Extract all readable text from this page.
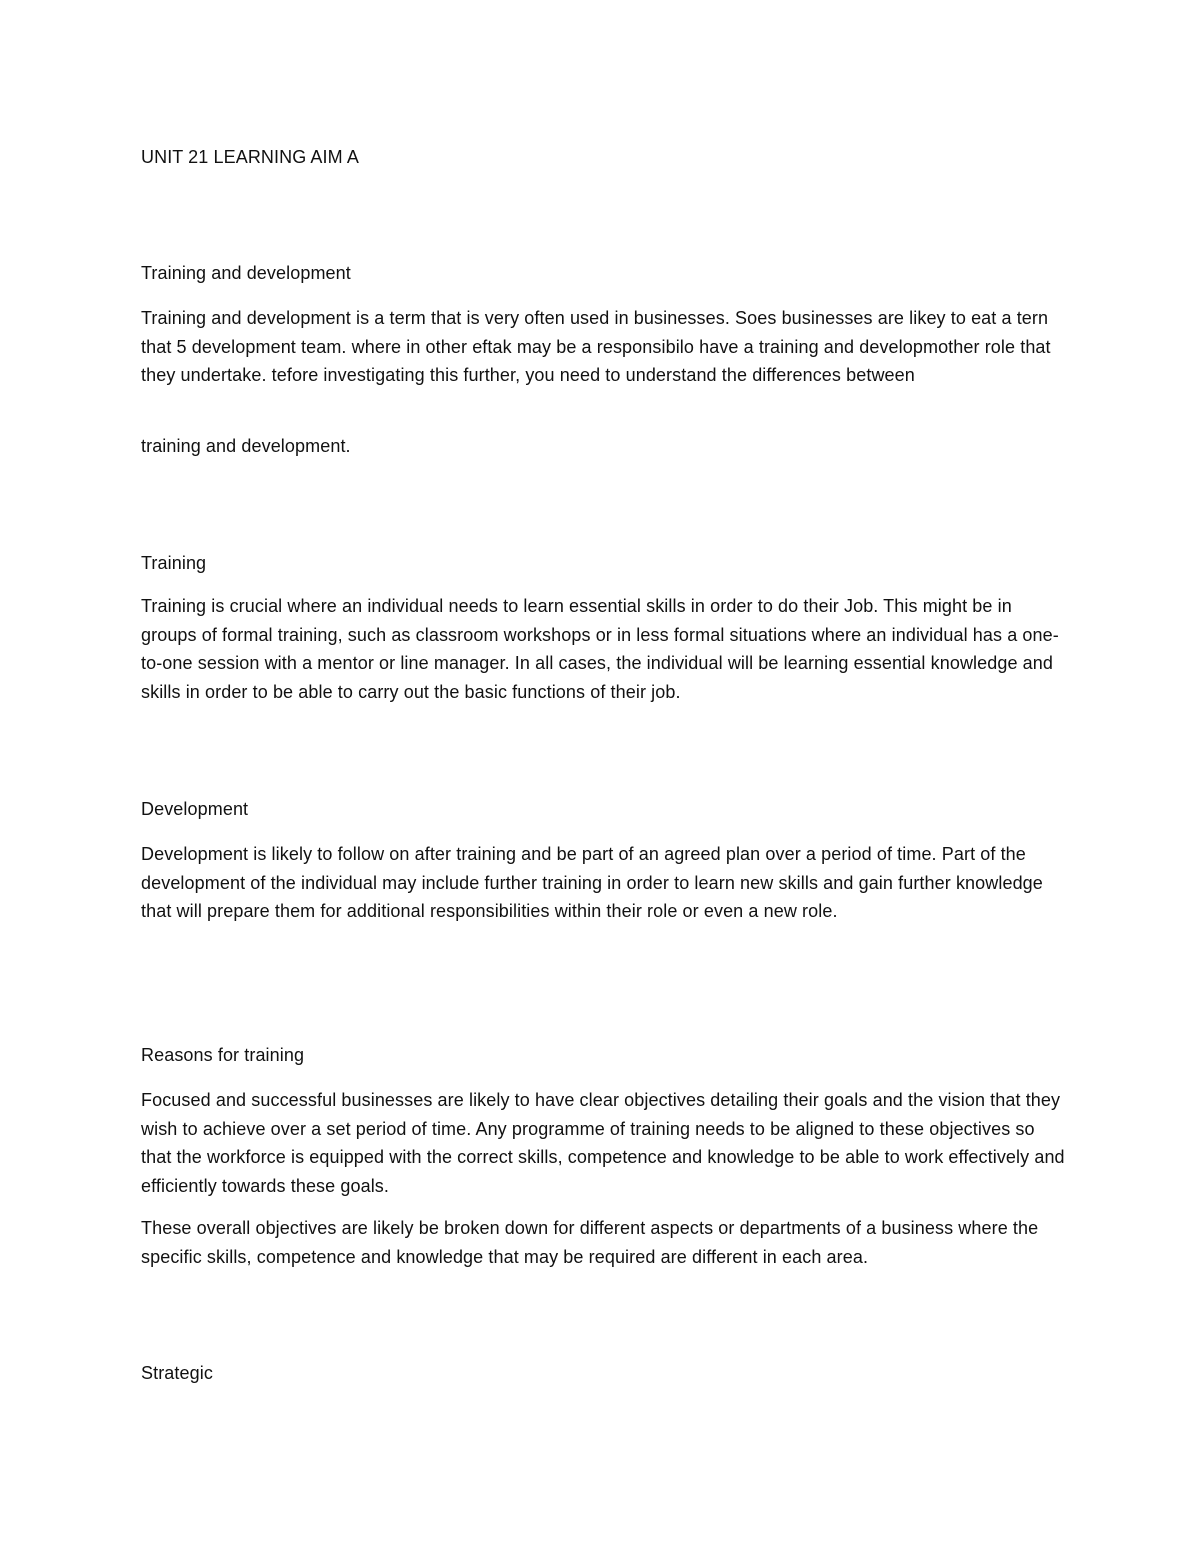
UNIT 21 LEARNING AIM A

Training and development

Training and development is a term that is very often used in businesses. Soes businesses are likey to eat a tern that 5 development team. where in other eftak may be a responsibilo have a training and developmother role that they undertake. tefore investigating this further, you need to understand the differences between

training and development.

Training

Training is crucial where an individual needs to learn essential skills in order to do their Job. This might be in groups of formal training, such as classroom workshops or in less formal situations where an individual has a one-to-one session with a mentor or line manager. In all cases, the individual will be learning essential knowledge and skills in order to be able to carry out the basic functions of their job.

Development

Development is likely to follow on after training and be part of an agreed plan over a period of time. Part of the development of the individual may include further training in order to learn new skills and gain further knowledge that will prepare them for additional responsibilities within their role or even a new role.

Reasons for training

Focused and successful businesses are likely to have clear objectives detailing their goals and the vision that they wish to achieve over a set period of time. Any programme of training needs to be aligned to these objectives so that the workforce is equipped with the correct skills, competence and knowledge to be able to work effectively and efficiently towards these goals.

These overall objectives are likely be broken down for different aspects or departments of a business where the specific skills, competence and knowledge that may be required are different in each area.

Strategic
